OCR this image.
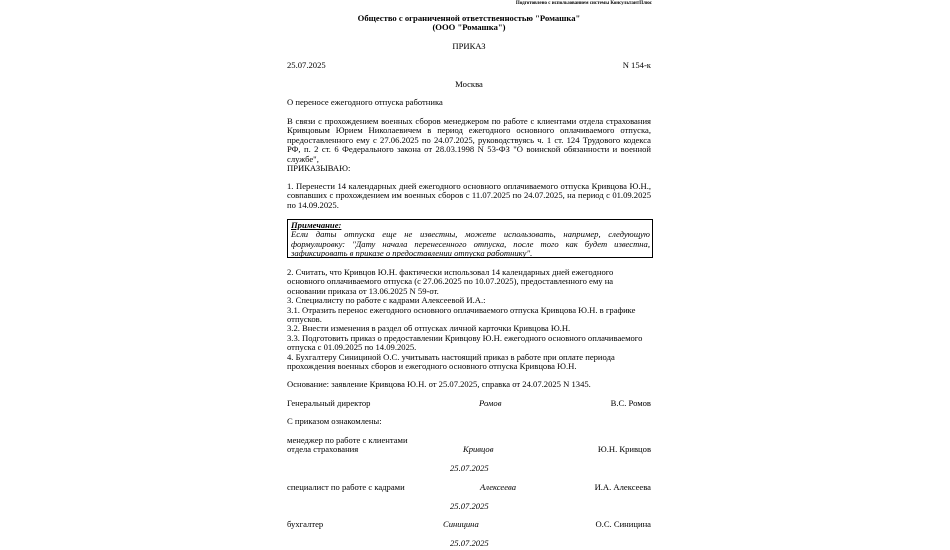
Подготовлено с использованием системы КонсультантПлюс
Общество с ограниченной ответственностью "Ромашка"
(ООО "Ромашка")
ПРИКАЗ
25.07.2025	N 154-к
Москва
О переносе ежегодного отпуска работника
В связи с прохождением военных сборов менеджером по работе с клиентами отдела страхования Кривцовым Юрием Николаевичем в период ежегодного основного оплачиваемого отпуска, предоставленного ему с 27.06.2025 по 24.07.2025, руководствуясь ч. 1 ст. 124 Трудового кодекса РФ, п. 2 ст. 6 Федерального закона от 28.03.1998 N 53-ФЗ "О воинской обязанности и военной службе",
ПРИКАЗЫВАЮ:
1. Перенести 14 календарных дней ежегодного основного оплачиваемого отпуска Кривцова Ю.Н., совпавших с прохождением им военных сборов с 11.07.2025 по 24.07.2025, на период с 01.09.2025 по 14.09.2025.
Примечание:
Если даты отпуска еще не известны, можете использовать, например, следующую формулировку: "Дату начала перенесенного отпуска, после того как будет известна, зафиксировать в приказе о предоставлении отпуска работнику".
2. Считать, что Кривцов Ю.Н. фактически использовал 14 календарных дней ежегодного основного оплачиваемого отпуска (с 27.06.2025 по 10.07.2025), предоставленного ему на основании приказа от 13.06.2025 N 59-от.
3. Специалисту по работе с кадрами Алексеевой И.А.:
3.1. Отразить перенос ежегодного основного оплачиваемого отпуска Кривцова Ю.Н. в графике отпусков.
3.2. Внести изменения в раздел об отпусках личной карточки Кривцова Ю.Н.
3.3. Подготовить приказ о предоставлении Кривцову Ю.Н. ежегодного основного оплачиваемого отпуска с 01.09.2025 по 14.09.2025.
4. Бухгалтеру Синициной О.С. учитывать настоящий приказ в работе при оплате периода прохождения военных сборов и ежегодного основного отпуска Кривцова Ю.Н.
Основание: заявление Кривцова Ю.Н. от 25.07.2025, справка от 24.07.2025 N 1345.
Генеральный директор	Ромов	В.С. Ромов
С приказом ознакомлены:
менеджер по работе с клиентами
отдела страхования	Кривцов	Ю.Н. Кривцов
25.07.2025
специалист по работе с кадрами	Алексеева	И.А. Алексеева
25.07.2025
бухгалтер	Синицина	О.С. Синицина
25.07.2025
